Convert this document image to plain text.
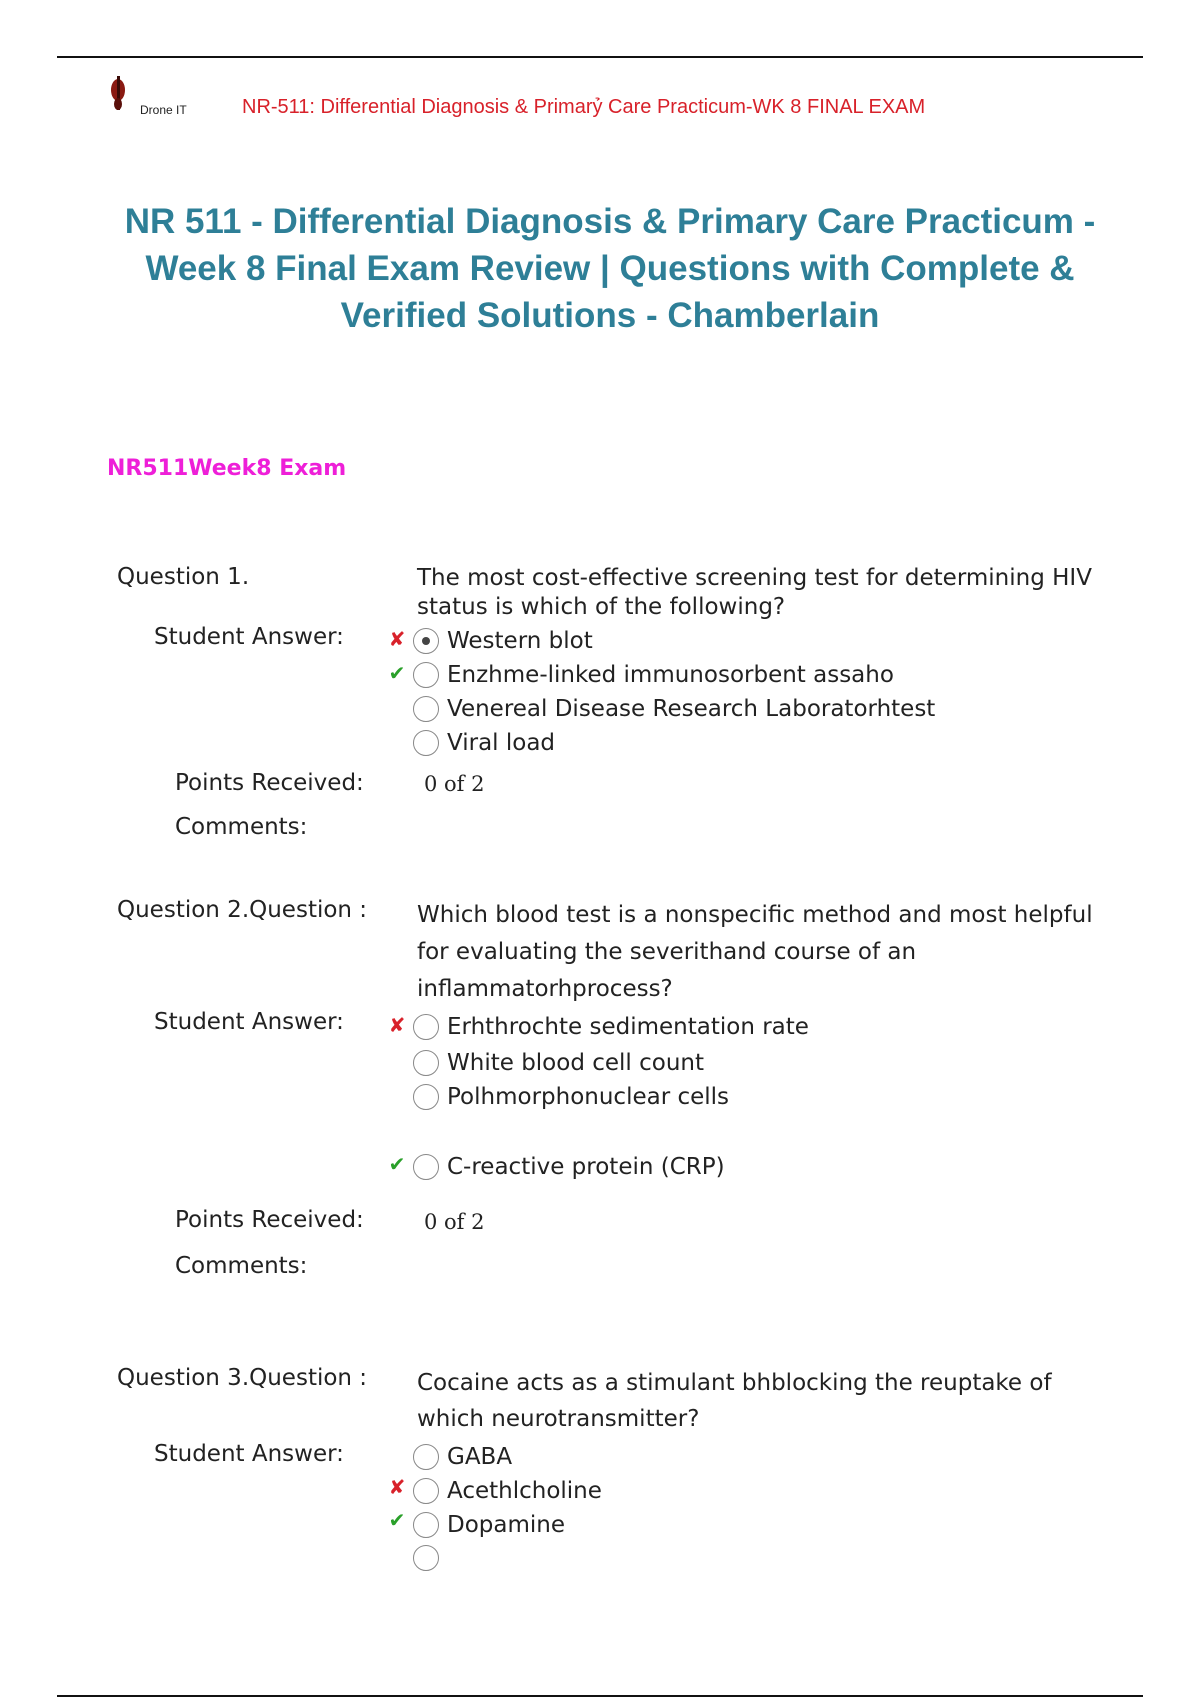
Drone IT	NR-511: Differential Diagnosis & Primarỷ Care Practicum-WK 8 FINAL EXAM
NR 511 - Differential Diagnosis & Primary Care Practicum -
Week 8 Final Exam Review | Questions with Complete &
Verified Solutions - Chamberlain
NR511Week8 Exam
Question 1.	The most cost-effective screening test for determining HIV status is which of the following?
Student Answer: ✘ Western blot
✔ Enzhme-linked immunosorbent assaho
Venereal Disease Research Laboratorhtest
Viral load
Points Received:	0 of 2
Comments:
Question 2.Question : Which blood test is a nonspecific method and most helpful for evaluating the severithand course of an inflammatorhprocess?
Student Answer: ✘ Erhthrochte sedimentation rate
White blood cell count
Polhmorphonuclear cells
✔ C-reactive protein (CRP)
Points Received:	0 of 2
Comments:
Question 3.Question : Cocaine acts as a stimulant bhblocking the reuptake of which neurotransmitter?
Student Answer:	GABA
✘ Acethlcholine
✔ Dopamine
